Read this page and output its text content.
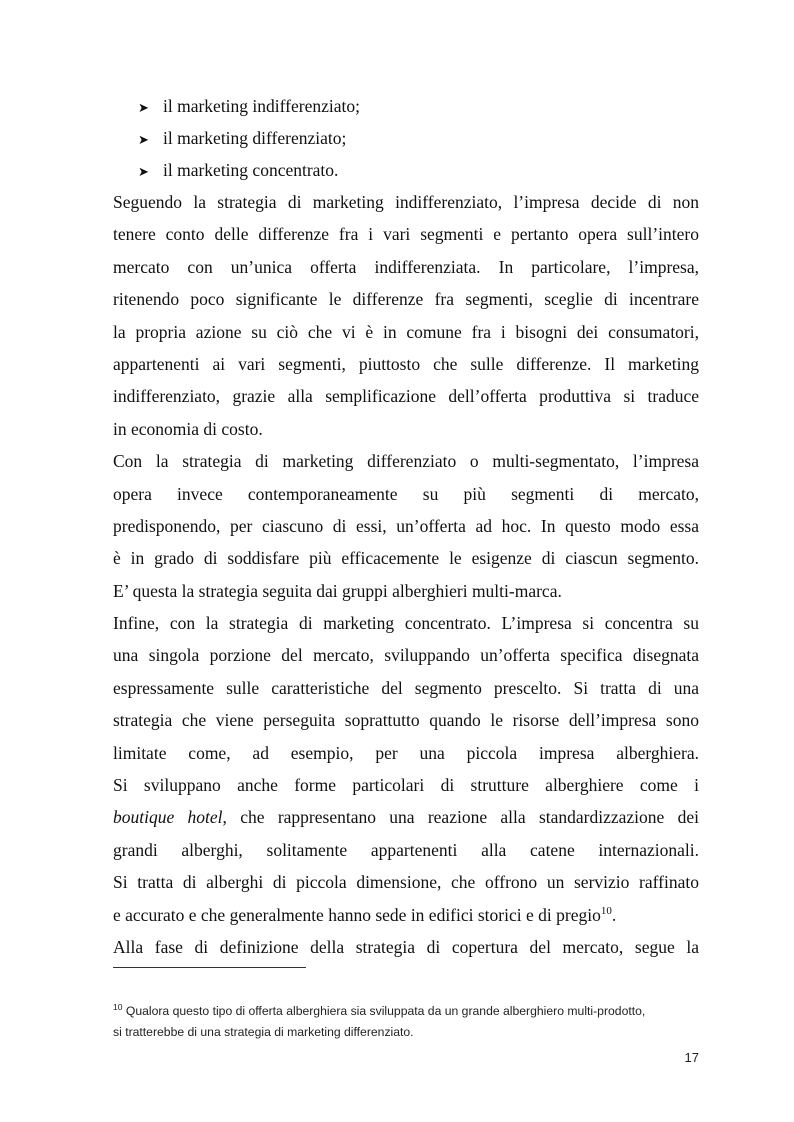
➤ il marketing indifferenziato;
➤ il marketing differenziato;
➤ il marketing concentrato.

Seguendo la strategia di marketing indifferenziato, l’impresa decide di non
tenere conto delle differenze fra i vari segmenti e pertanto opera sull’intero
mercato con un’unica offerta indifferenziata. In particolare, l’impresa,
ritenendo poco significante le differenze fra segmenti, sceglie di incentrare
la propria azione su ciò che vi è in comune fra i bisogni dei consumatori,
appartenenti ai vari segmenti, piuttosto che sulle differenze. Il marketing
indifferenziato, grazie alla semplificazione dell’offerta produttiva si traduce
in economia di costo.

Con la strategia di marketing differenziato o multi-segmentato, l’impresa
opera invece contemporaneamente su più segmenti di mercato,
predisponendo, per ciascuno di essi, un’offerta ad hoc. In questo modo essa
è in grado di soddisfare più efficacemente le esigenze di ciascun segmento.
E’ questa la strategia seguita dai gruppi alberghieri multi-marca.

Infine, con la strategia di marketing concentrato. L’impresa si concentra su
una singola porzione del mercato, sviluppando un’offerta specifica disegnata
espressamente sulle caratteristiche del segmento prescelto. Si tratta di una
strategia che viene perseguita soprattutto quando le risorse dell’impresa sono
limitate come, ad esempio, per una piccola impresa alberghiera.
Si sviluppano anche forme particolari di strutture alberghiere come i
boutique hotel, che rappresentano una reazione alla standardizzazione dei
grandi alberghi, solitamente appartenenti alla catene internazionali.
Si tratta di alberghi di piccola dimensione, che offrono un servizio raffinato
e accurato e che generalmente hanno sede in edifici storici e di pregio$^{10}$.

Alla fase di definizione della strategia di copertura del mercato, segue la

$^{10}$ Qualora questo tipo di offerta alberghiera sia sviluppata da un grande alberghiero multi-prodotto,
si tratterebbe di una strategia di marketing differenziato.
17
